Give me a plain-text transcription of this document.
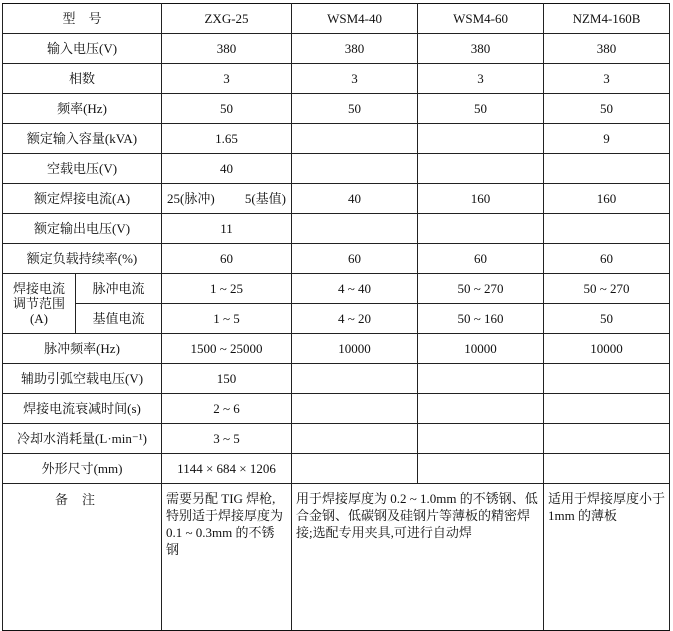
型　号		ZXG-25	WSM4-40	WSM4-60	NZM4-160B
输入电压(V)		380	380	380	380
相数		3	3	3	3
频率(Hz)		50	50	50	50
额定输入容量(kVA)		1.65			9
空载电压(V)		40			
额定焊接电流(A)		25(脉冲) 5(基值)	40	160	160
额定输出电压(V)		11			
额定负载持续率(%)		60	60	60	60

焊接电流
调节范围
(A)	脉冲电流	1 ~ 25	4 ~ 40	50 ~ 270	50 ~ 270
	基值电流	1 ~ 5	4 ~ 20	50 ~ 160	50
脉冲频率(Hz)		1500 ~ 25000	10000	10000	10000
辅助引弧空载电压(V)		150			
焊接电流衰减时间(s)		2 ~ 6			
冷却水消耗量(L·min⁻¹)		3 ~ 5			
外形尺寸(mm)		1144 × 684 × 1206			
备注		需要另配 TIG 焊枪,特别适于焊接厚度为 0.1 ~ 0.3mm 的不锈钢	用于焊接厚度为 0.2 ~ 1.0mm 的不锈钢、低合金钢、低碳钢及硅钢片等薄板的精密焊接;选配专用夹具,可进行自动焊		适用于焊接厚度小于 1mm 的薄板
